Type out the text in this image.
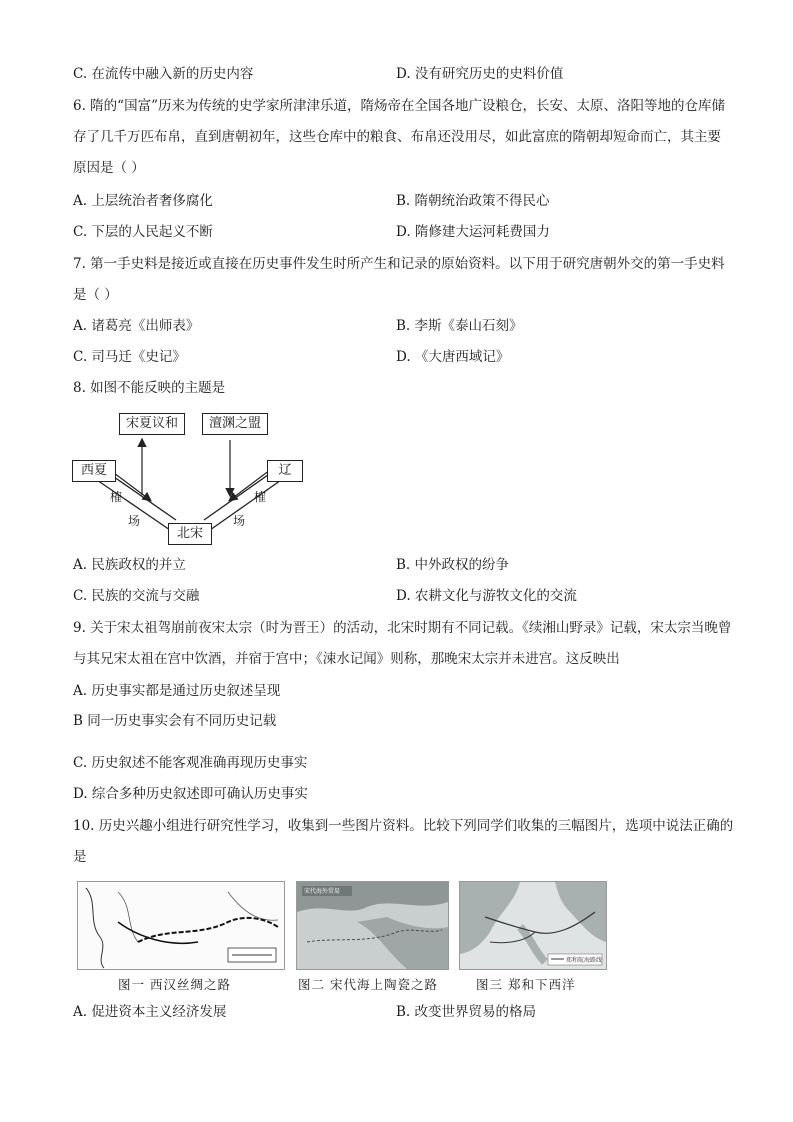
C. 在流传中融入新的历史内容	D. 没有研究历史的史料价值
6. 隋的“国富”历来为传统的史学家所津津乐道，隋炀帝在全国各地广设粮仓，长安、太原、洛阳等地的仓库储存了几千万匹布帛，直到唐朝初年，这些仓库中的粮食、布帛还没用尽，如此富庶的隋朝却短命而亡，其主要原因是（ ）
A. 上层统治者奢侈腐化	B. 隋朝统治政策不得民心
C. 下层的人民起义不断	D. 隋修建大运河耗费国力
7. 第一手史料是接近或直接在历史事件发生时所产生和记录的原始资料。以下用于研究唐朝外交的第一手史料是（ ）
A. 诸葛亮《出师表》	B. 李斯《泰山石刻》
C. 司马迁《史记》	D. 《大唐西域记》
8. 如图不能反映的主题是
宋夏议和	澶渊之盟
西夏	辽
北宋
榷
场
榷
场
A. 民族政权的并立	B. 中外政权的纷争
C. 民族的交流与交融	D. 农耕文化与游牧文化的交流
9. 关于宋太祖驾崩前夜宋太宗（时为晋王）的活动，北宋时期有不同记载。《续湘山野录》记载，宋太宗当晚曾与其兄宋太祖在宫中饮酒，并宿于宫中；《涑水记闻》则称，那晚宋太宗并未进宫。这反映出
A. 历史事实都是通过历史叙述呈现
B 同一历史事实会有不同历史记载
C. 历史叙述不能客观准确再现历史事实
D. 综合多种历史叙述即可确认历史事实
10. 历史兴趣小组进行研究性学习，收集到一些图片资料。比较下列同学们收集的三幅图片，选项中说法正确的是
图一 西汉丝绸之路
宋代海外贸易
图二 宋代海上陶瓷之路
郑和航海路线
图三 郑和下西洋
A. 促进资本主义经济发展	B. 改变世界贸易的格局
